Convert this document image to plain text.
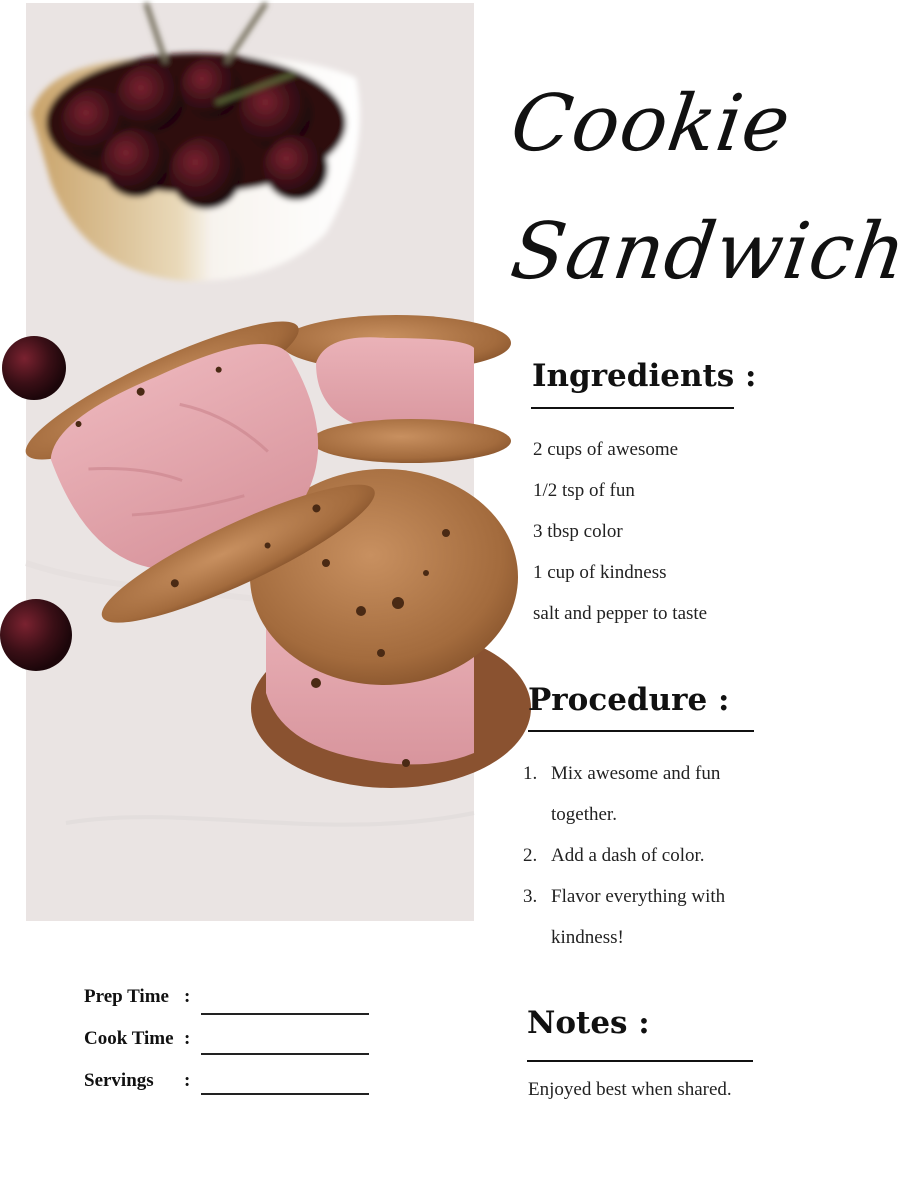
Cookie
Sandwich
Ingredients :
2 cups of awesome
1/2 tsp of fun
3 tbsp color
1 cup of kindness
salt and pepper to taste
Procedure :
1. Mix awesome and fun together.
2. Add a dash of color.
3. Flavor everything with kindness!
Notes :
Enjoyed best when shared.
Prep Time :
Cook Time :
Servings :
